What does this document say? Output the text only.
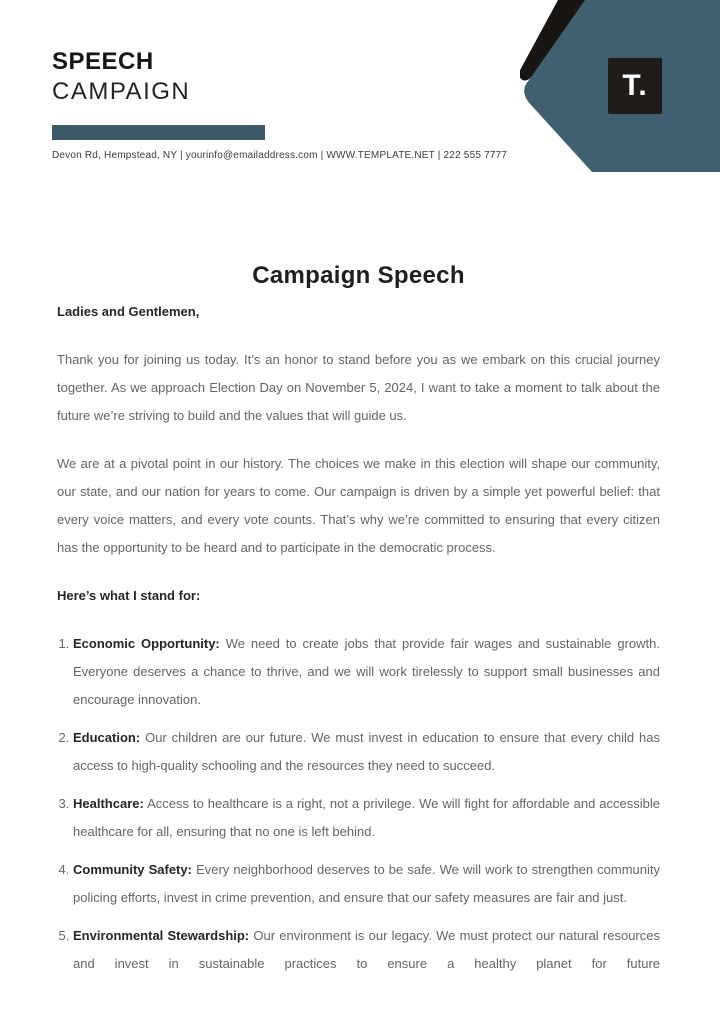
T.
SPEECH
CAMPAIGN
Devon Rd, Hempstead, NY | yourinfo@emailaddress.com | WWW.TEMPLATE.NET | 222 555 7777
Campaign Speech

Ladies and Gentlemen,

Thank you for joining us today. It’s an honor to stand before you as we embark on this crucial journey together. As we approach Election Day on November 5, 2024, I want to take a moment to talk about the future we’re striving to build and the values that will guide us.

We are at a pivotal point in our history. The choices we make in this election will shape our community, our state, and our nation for years to come. Our campaign is driven by a simple yet powerful belief: that every voice matters, and every vote counts. That’s why we’re committed to ensuring that every citizen has the opportunity to be heard and to participate in the democratic process.

Here’s what I stand for:
1. Economic Opportunity: We need to create jobs that provide fair wages and sustainable growth. Everyone deserves a chance to thrive, and we will work tirelessly to support small businesses and encourage innovation.
2. Education: Our children are our future. We must invest in education to ensure that every child has access to high-quality schooling and the resources they need to succeed.
3. Healthcare: Access to healthcare is a right, not a privilege. We will fight for affordable and accessible healthcare for all, ensuring that no one is left behind.
4. Community Safety: Every neighborhood deserves to be safe. We will work to strengthen community policing efforts, invest in crime prevention, and ensure that our safety measures are fair and just.
5. Environmental Stewardship: Our environment is our legacy. We must protect our natural resources and invest in sustainable practices to ensure a healthy planet for future
